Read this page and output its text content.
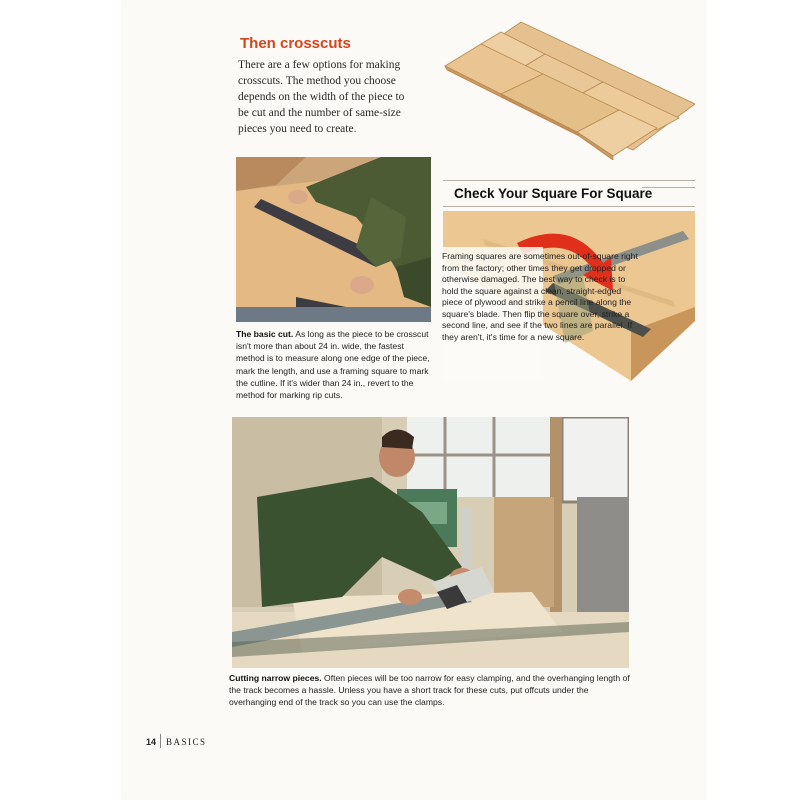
Then crosscuts

There are a few options for making crosscuts. The method you choose depends on the width of the piece to be cut and the number of same-size pieces you need to create.

The basic cut. As long as the piece to be crosscut isn't more than about 24 in. wide, the fastest method is to measure along one edge of the piece, mark the length, and use a framing square to mark the cutline. If it's wider than 24 in., revert to the method for marking rip cuts.

Check Your Square For Square

Framing squares are sometimes out-of-square right from the factory; other times they get dropped or otherwise damaged. The best way to check is to hold the square against a clean, straight-edged piece of plywood and strike a pencil line along the square's blade. Then flip the square over, strike a second line, and see if the two lines are parallel. If they aren't, it's time for a new square.

Cutting narrow pieces. Often pieces will be too narrow for easy clamping, and the overhanging length of the track becomes a hassle. Unless you have a short track for these cuts, put offcuts under the overhanging end of the track so you can use the clamps.

14 BASICS
